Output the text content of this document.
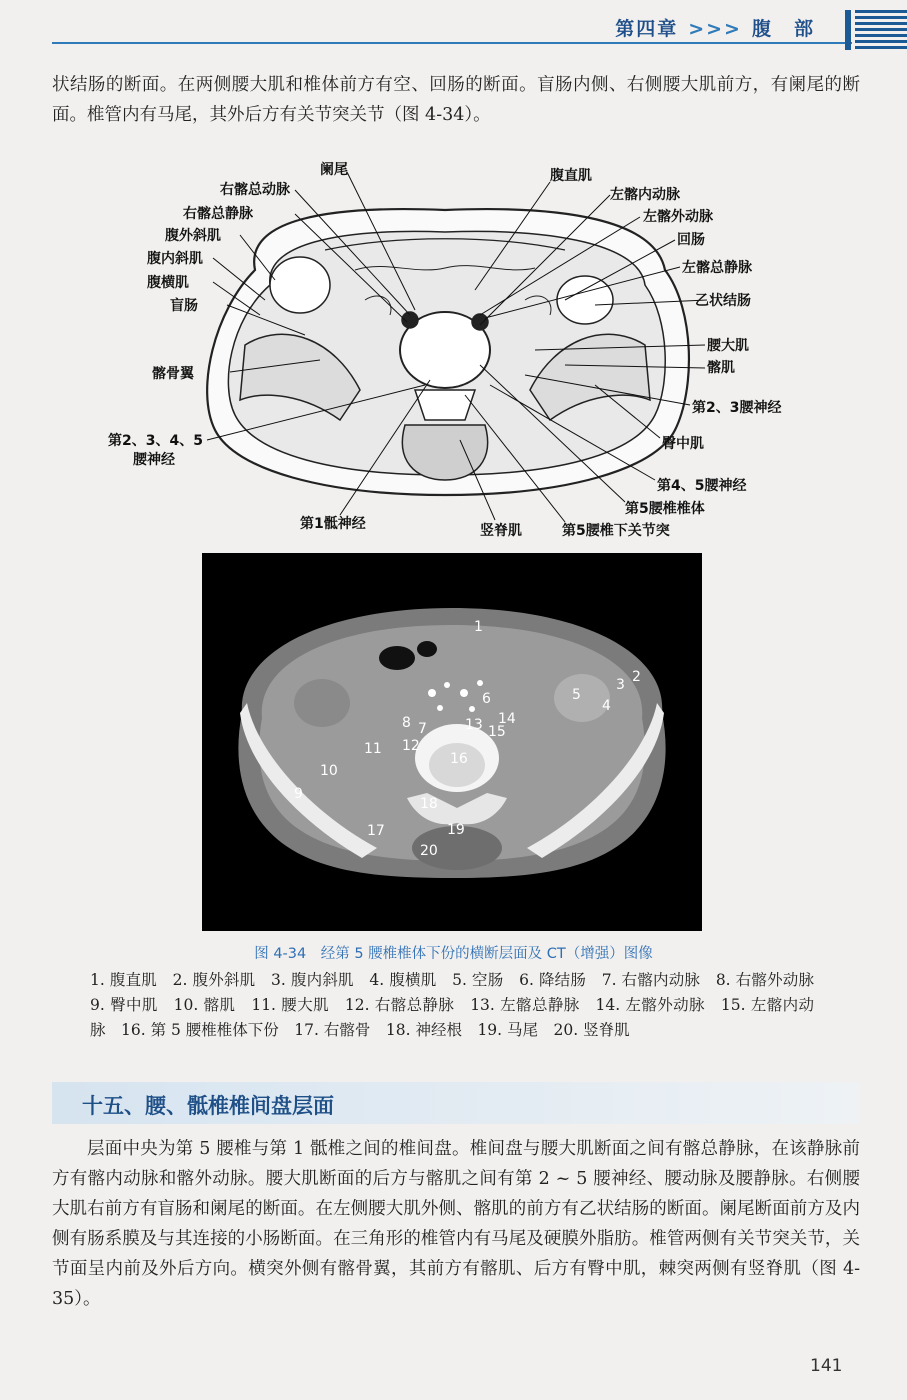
第四章 >>> 腹　部

状结肠的断面。在两侧腰大肌和椎体前方有空、回肠的断面。盲肠内侧、右侧腰大肌前方，有阑尾的断面。椎管内有马尾，其外后方有关节突关节（图 4-34）。

阑尾	腹直肌
右髂总动脉
右髂总静脉
腹外斜肌
腹内斜肌
腹横肌
盲肠
髂骨翼
第2、3、4、5
腰神经
第1骶神经	竖脊肌	第5腰椎下关节突
第5腰椎椎体
第4、5腰神经
臀中肌
第2、3腰神经
髂肌
腰大肌
乙状结肠
左髂总静脉
回肠
左髂外动脉
左髂内动脉
1
2
3
4
5
6
7
8
9
10
11 12
13 14
15
16
17
18
19
20
图 4-34　经第 5 腰椎椎体下份的横断层面及 CT（增强）图像
1. 腹直肌　2. 腹外斜肌　3. 腹内斜肌　4. 腹横肌　5. 空肠　6. 降结肠　7. 右髂内动脉　8. 右髂外动脉　9. 臀中肌　10. 髂肌　11. 腰大肌　12. 右髂总静脉　13. 左髂总静脉　14. 左髂外动脉　15. 左髂内动脉　16. 第 5 腰椎椎体下份　17. 右髂骨　18. 神经根　19. 马尾　20. 竖脊肌
十五、腰、骶椎椎间盘层面

层面中央为第 5 腰椎与第 1 骶椎之间的椎间盘。椎间盘与腰大肌断面之间有髂总静脉，在该静脉前方有髂内动脉和髂外动脉。腰大肌断面的后方与髂肌之间有第 2 ~ 5 腰神经、腰动脉及腰静脉。右侧腰大肌右前方有盲肠和阑尾的断面。在左侧腰大肌外侧、髂肌的前方有乙状结肠的断面。阑尾断面前方及内侧有肠系膜及与其连接的小肠断面。在三角形的椎管内有马尾及硬膜外脂肪。椎管两侧有关节突关节，关节面呈内前及外后方向。横突外侧有髂骨翼，其前方有髂肌、后方有臀中肌，棘突两侧有竖脊肌（图 4-35）。

141
